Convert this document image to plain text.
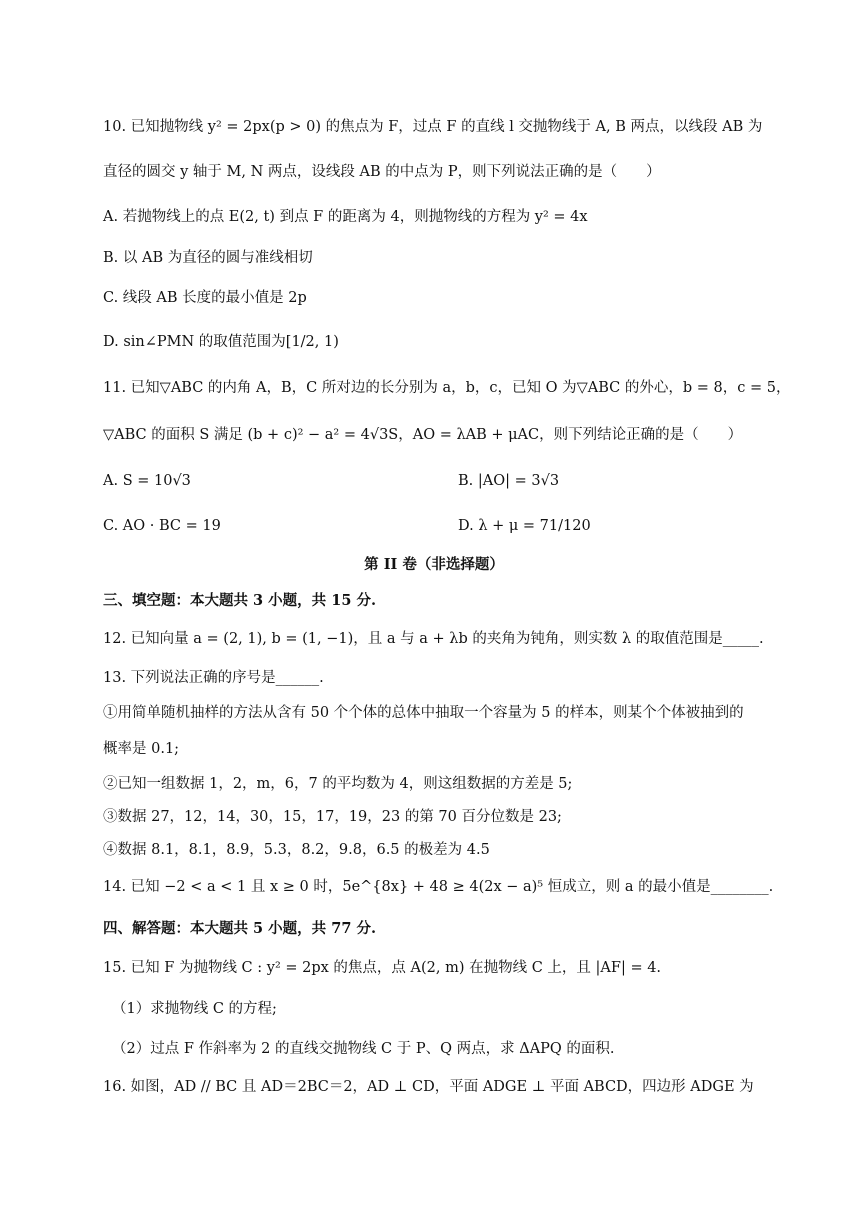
10. 已知抛物线 y² = 2px(p > 0) 的焦点为 F，过点 F 的直线 l 交抛物线于 A, B 两点，以线段 AB 为
直径的圆交 y 轴于 M, N 两点，设线段 AB 的中点为 P，则下列说法正确的是（　　）
A. 若抛物线上的点 E(2, t) 到点 F 的距离为 4，则抛物线的方程为 y² = 4x
B. 以 AB 为直径的圆与准线相切
C. 线段 AB 长度的最小值是 2p
D. sin∠PMN 的取值范围为[1/2, 1)
11. 已知▽ABC 的内角 A，B，C 所对边的长分别为 a，b，c，已知 O 为▽ABC 的外心，b = 8，c = 5，
▽ABC 的面积 S 满足 (b + c)² − a² = 4√3S，AO = λAB + μAC，则下列结论正确的是（　　）
A. S = 10√3	B. |AO| = 3√3
C. AO · BC = 19	D. λ + μ = 71/120
第 II 卷（非选择题）
三、填空题：本大题共 3 小题，共 15 分.
12. 已知向量 a = (2, 1), b = (1, −1)，且 a 与 a + λb 的夹角为钝角，则实数 λ 的取值范围是_____.
13. 下列说法正确的序号是______.
①用简单随机抽样的方法从含有 50 个个体的总体中抽取一个容量为 5 的样本，则某个个体被抽到的
概率是 0.1;
②已知一组数据 1，2，m，6，7 的平均数为 4，则这组数据的方差是 5;
③数据 27，12，14，30，15，17，19，23 的第 70 百分位数是 23;
④数据 8.1，8.1，8.9，5.3，8.2，9.8，6.5 的极差为 4.5
14. 已知 −2 < a < 1 且 x ≥ 0 时，5e^{8x} + 48 ≥ 4(2x − a)⁵ 恒成立，则 a 的最小值是________.
四、解答题：本大题共 5 小题，共 77 分.
15. 已知 F 为抛物线 C : y² = 2px 的焦点，点 A(2, m) 在抛物线 C 上，且 |AF| = 4.
（1）求抛物线 C 的方程;
（2）过点 F 作斜率为 2 的直线交抛物线 C 于 P、Q 两点，求 ΔAPQ 的面积.
16. 如图，AD // BC 且 AD＝2BC＝2，AD ⊥ CD，平面 ADGE ⊥ 平面 ABCD，四边形 ADGE 为
